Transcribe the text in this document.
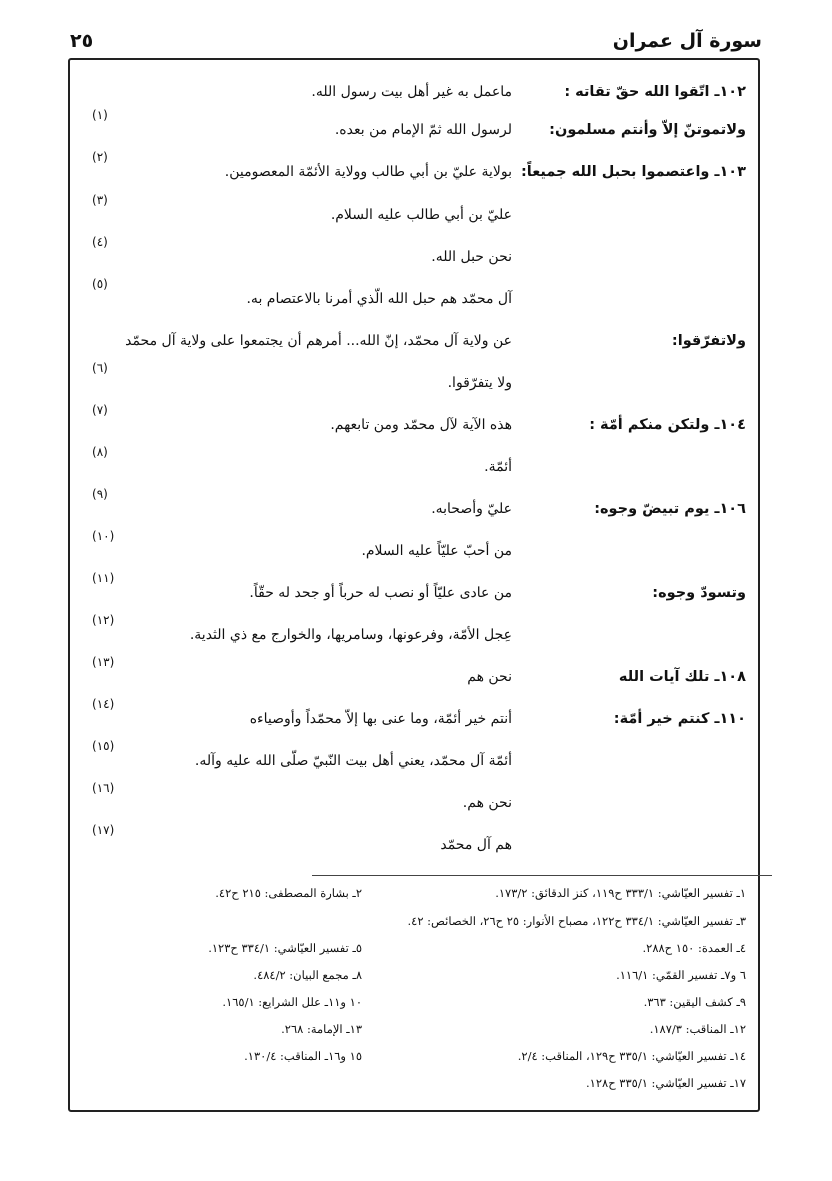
سورة آل عمران
٢٥
١٠٢ـ اتّقوا الله حقّ تقاته :
ماعمل به غير أهل بيت رسول الله.
ولاتموتنّ إلاّ وأنتم مسلمون:
لرسول الله ثمّ الإمام من بعده.
(١)
١٠٣ـ واعتصموا بحبل الله جميعاً:
بولاية عليّ بن أبي طالب وولاية الأئمّة المعصومين.
(٢)
عليّ بن أبي طالب عليه السلام.
(٣)
نحن حبل الله.
(٤)
آل محمّد هم حبل الله الّذي أمرنا بالاعتصام به.
(٥)
ولاتفرّقوا:
عن ولاية آل محمّد، إنّ الله... أمرهم أن يجتمعوا على ولاية آل محمّد
ولا يتفرّقوا.
(٦)
١٠٤ـ ولتكن منكم أمّة :
هذه الآية لآل محمّد ومن تابعهم.
(٧)
أئمّة.
(٨)
١٠٦ـ يوم تبيضّ وجوه:
عليّ وأصحابه.
(٩)
من أحبّ عليّاً عليه السلام.
(١٠)
وتسودّ وجوه:
من عادى عليّاً أو نصب له حرباً أو جحد له حقّاً.
(١١)
عِجل الأمّة، وفرعونها، وسامريها، والخوارج مع ذي الثدية.
(١٢)
١٠٨ـ تلك آيات الله
نحن هم
(١٣)
١١٠ـ كنتم خير أمّة:
أنتم خير أئمّة، وما عنى بها إلاّ محمّداً وأوصياءه
(١٤)
أئمّة آل محمّد، يعني أهل بيت النّبيّ صلّى الله عليه وآله.
(١٥)
نحن هم.
(١٦)
هم آل محمّد
(١٧)
١ـ تفسير العيّاشي: ٣٣٣/١ ح١١٩، كنز الدقائق: ١٧٣/٢.
٣ـ تفسير العيّاشي: ٣٣٤/١ ح١٢٢، مصباح الأنوار: ٢٥ ح٢٦، الخصائص: ٤٢.
٤ـ العمدة: ١٥٠ ح٢٨٨.
٦ و٧ـ تفسير القمّي: ١١٦/١.
٩ـ كشف اليقين: ٣٦٣.
١٢ـ المناقب: ١٨٧/٣.
١٤ـ تفسير العيّاشي: ٣٣٥/١ ح١٢٩، المناقب: ٢/٤.
١٧ـ تفسير العيّاشي: ٣٣٥/١ ح١٢٨.
٢ـ بشارة المصطفى: ٢١٥ ح٤٢.
٥ـ تفسير العيّاشي: ٣٣٤/١ ح١٢٣.
٨ـ مجمع البيان: ٤٨٤/٢.
١٠ و١١ـ علل الشرايع: ١٦٥/١.
١٣ـ الإمامة: ٢٦٨.
١٥ و١٦ـ المناقب: ١٣٠/٤.
